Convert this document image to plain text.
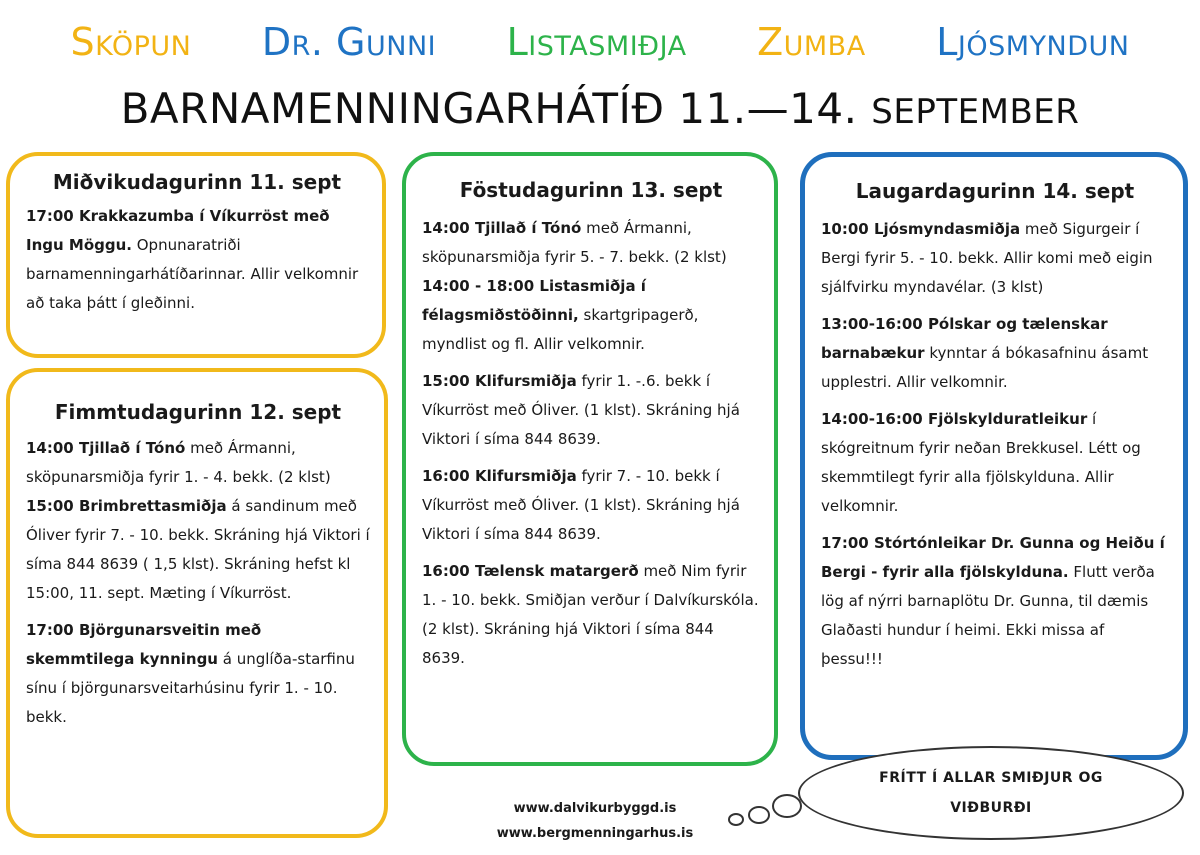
Sköpun Dr. Gunni Listasmiðja Zumba Ljósmyndun
BARNAMENNINGARHÁTÍÐ 11.—14. SEPTEMBER
Miðvikudagurinn 11. sept

17:00 Krakkazumba í Víkurröst með Ingu Möggu. Opnunaratriði barnamenningarhátíðarinnar. Allir velkomnir að taka þátt í gleðinni.

Fimmtudagurinn 12. sept

14:00 Tjillað í Tónó með Ármanni, sköpunarsmiðja fyrir 1. - 4. bekk. (2 klst)

15:00 Brimbrettasmiðja á sandinum með Óliver fyrir 7. - 10. bekk. Skráning hjá Viktori í síma 844 8639 ( 1,5 klst). Skráning hefst kl 15:00, 11. sept. Mæting í Víkurröst.

17:00 Björgunarsveitin með skemmtilega kynningu á unglíða-starfinu sínu í björgunarsveitarhúsinu fyrir 1. - 10. bekk.

Föstudagurinn 13. sept

14:00 Tjillað í Tónó með Ármanni, sköpunarsmiðja fyrir 5. - 7. bekk. (2 klst)

14:00 - 18:00 Listasmiðja í félagsmiðstöðinni, skartgripagerð, myndlist og fl. Allir velkomnir.

15:00 Klifursmiðja fyrir 1. -.6. bekk í Víkurröst með Óliver. (1 klst). Skráning hjá Viktori í síma 844 8639.

16:00 Klifursmiðja fyrir 7. - 10. bekk í Víkurröst með Óliver. (1 klst). Skráning hjá Viktori í síma 844 8639.

16:00 Tælensk matargerð með Nim fyrir 1. - 10. bekk. Smiðjan verður í Dalvíkurskóla. (2 klst). Skráning hjá Viktori í síma 844 8639.

Laugardagurinn 14. sept

10:00 Ljósmyndasmiðja með Sigurgeir í Bergi fyrir 5. - 10. bekk. Allir komi með eigin sjálfvirku myndavélar. (3 klst)

13:00-16:00 Pólskar og tælenskar barnabækur kynntar á bókasafninu ásamt upplestri. Allir velkomnir.

14:00-16:00 Fjölskylduratleikur í skógreitnum fyrir neðan Brekkusel. Létt og skemmtilegt fyrir alla fjölskylduna. Allir velkomnir.

17:00 Stórtónleikar Dr. Gunna og Heiðu í Bergi - fyrir alla fjölskylduna. Flutt verða lög af nýrri barnaplötu Dr. Gunna, til dæmis Glaðasti hundur í heimi. Ekki missa af þessu!!!

FRÍTT Í ALLAR SMIÐJUR OG
VIÐBURÐI
www.dalvikurbyggd.is
www.bergmenningarhus.is
